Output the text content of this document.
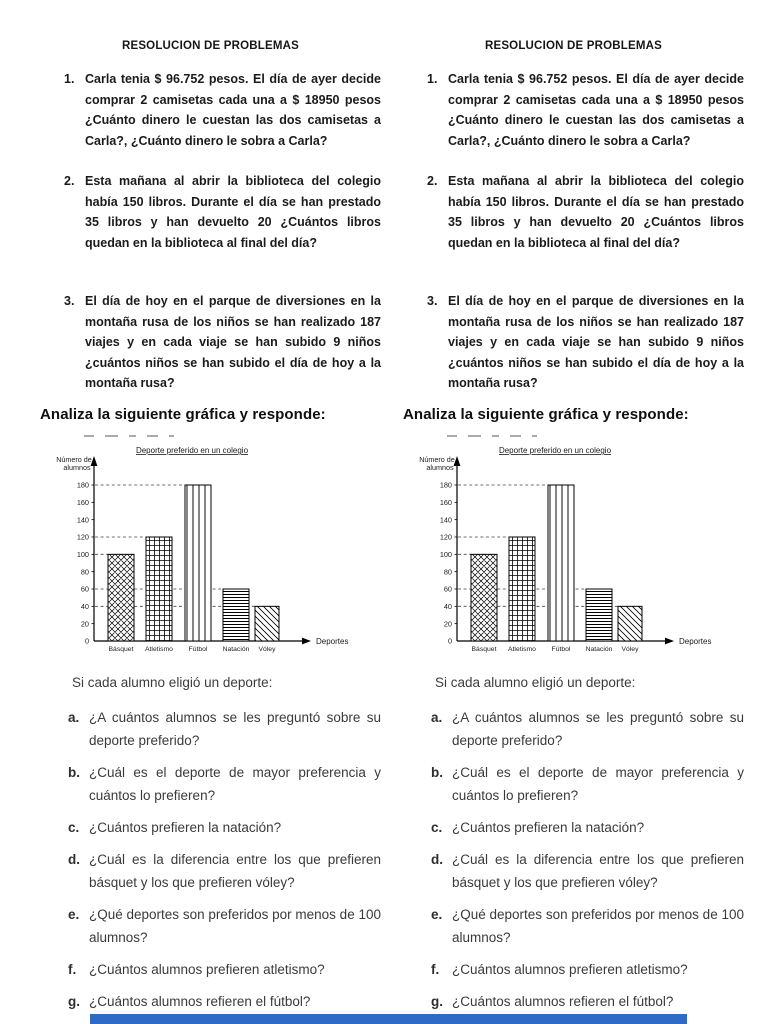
RESOLUCION DE PROBLEMAS
1. Carla tenia $ 96.752 pesos. El día de ayer decide comprar 2 camisetas cada una a $ 18950 pesos ¿Cuánto dinero le cuestan las dos camisetas a Carla?, ¿Cuánto dinero le sobra a Carla?
2. Esta mañana al abrir la biblioteca del colegio había 150 libros. Durante el día se han prestado 35 libros y han devuelto 20 ¿Cuántos libros quedan en la biblioteca al final del día?
3. El día de hoy en el parque de diversiones en la montaña rusa de los niños se han realizado 187 viajes y en cada viaje se han subido 9 niños ¿cuántos niños se han subido el día de hoy a la montaña rusa?
Analiza la siguiente gráfica y responde:
Deporte preferido en un colegio
Número de
alumnos
Deportes
0
20
40
60
80
100
120
140
160
180
Básquet Atletismo Fútbol Natación Vóley
Si cada alumno eligió un deporte:
a. ¿A cuántos alumnos se les preguntó sobre su deporte preferido?
b. ¿Cuál es el deporte de mayor preferencia y cuántos lo prefieren?
c. ¿Cuántos prefieren la natación?
d. ¿Cuál es la diferencia entre los que prefieren básquet y los que prefieren vóley?
e. ¿Qué deportes son preferidos por menos de 100 alumnos?
f. ¿Cuántos alumnos prefieren atletismo?
g. ¿Cuántos alumnos refieren el fútbol?
RESOLUCION DE PROBLEMAS
1. Carla tenia $ 96.752 pesos. El día de ayer decide comprar 2 camisetas cada una a $ 18950 pesos ¿Cuánto dinero le cuestan las dos camisetas a Carla?, ¿Cuánto dinero le sobra a Carla?
2. Esta mañana al abrir la biblioteca del colegio había 150 libros. Durante el día se han prestado 35 libros y han devuelto 20 ¿Cuántos libros quedan en la biblioteca al final del día?
3. El día de hoy en el parque de diversiones en la montaña rusa de los niños se han realizado 187 viajes y en cada viaje se han subido 9 niños ¿cuántos niños se han subido el día de hoy a la montaña rusa?
Analiza la siguiente gráfica y responde:
Deporte preferido en un colegio
Número de
alumnos
Deportes
0
20
40
60
80
100
120
140
160
180
Básquet Atletismo Fútbol Natación Vóley
Si cada alumno eligió un deporte:
a. ¿A cuántos alumnos se les preguntó sobre su deporte preferido?
b. ¿Cuál es el deporte de mayor preferencia y cuántos lo prefieren?
c. ¿Cuántos prefieren la natación?
d. ¿Cuál es la diferencia entre los que prefieren básquet y los que prefieren vóley?
e. ¿Qué deportes son preferidos por menos de 100 alumnos?
f. ¿Cuántos alumnos prefieren atletismo?
g. ¿Cuántos alumnos refieren el fútbol?
